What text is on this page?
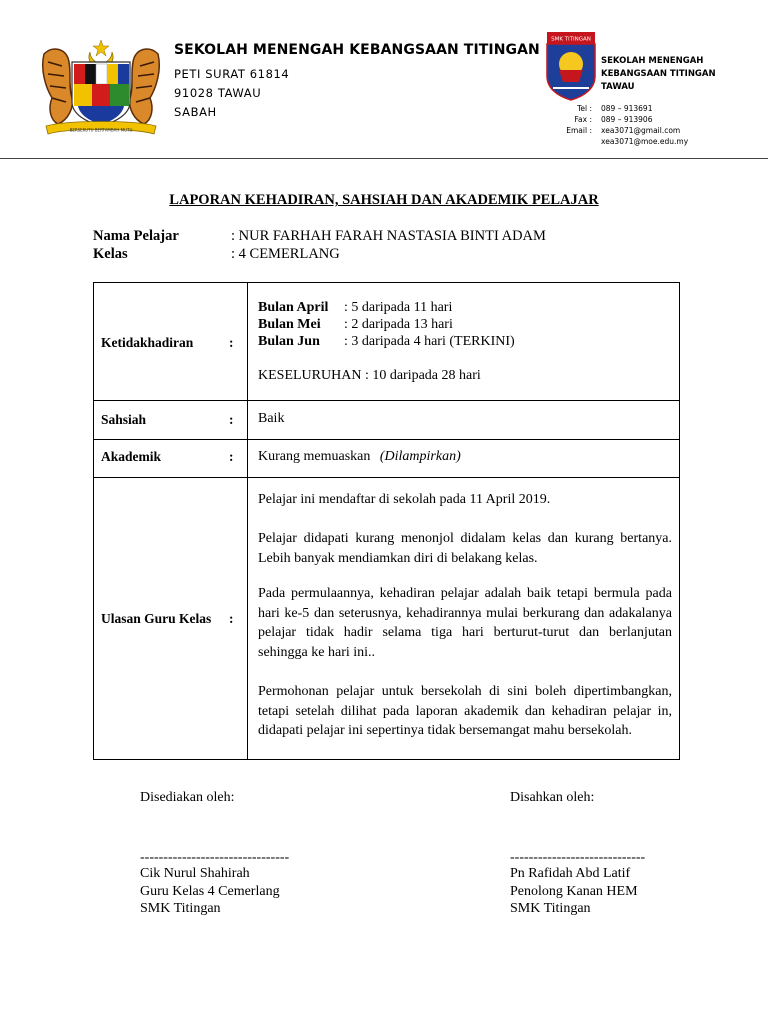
BERSEKUTU BERTAMBAH MUTU
SEKOLAH MENENGAH KEBANGSAAN TITINGAN
PETI SURAT 61814
91028 TAWAU
SABAH
SMK TITINGAN
SEKOLAH MENENGAH
KEBANGSAAN TITINGAN
TAWAU
Tel : 089 – 913691
Fax : 089 – 913906
Email : xea3071@gmail.com
xea3071@moe.edu.my
LAPORAN KEHADIRAN, SAHSIAH DAN AKADEMIK PELAJAR
Nama Pelajar	: NUR FARHAH FARAH NASTASIA BINTI ADAM
Kelas	: 4 CEMERLANG
Ketidakhadiran	:
Bulan April : 5 daripada 11 hari
Bulan Mei : 2 daripada 13 hari
Bulan Jun : 3 daripada 4 hari (TERKINI)
KESELURUHAN : 10 daripada 28 hari
Sahsiah	: Baik
Akademik	: Kurang memuaskan (Dilampirkan)
Ulasan Guru Kelas :
Pelajar ini mendaftar di sekolah pada 11 April 2019.
Pelajar didapati kurang menonjol didalam kelas dan kurang bertanya. Lebih banyak mendiamkan diri di belakang kelas.
Pada permulaannya, kehadiran pelajar adalah baik tetapi bermula pada hari ke-5 dan seterusnya, kehadirannya mulai berkurang dan adakalanya pelajar tidak hadir selama tiga hari berturut-turut dan berlanjutan sehingga ke hari ini..
Permohonan pelajar untuk bersekolah di sini boleh dipertimbangkan, tetapi setelah dilihat pada laporan akademik dan kehadiran pelajar in, didapati pelajar ini sepertinya tidak bersemangat mahu bersekolah.
Disediakan oleh:
--------------------------------
Cik Nurul Shahirah
Guru Kelas 4 Cemerlang
SMK Titingan
Disahkan oleh:
-----------------------------
Pn Rafidah Abd Latif
Penolong Kanan HEM
SMK Titingan
